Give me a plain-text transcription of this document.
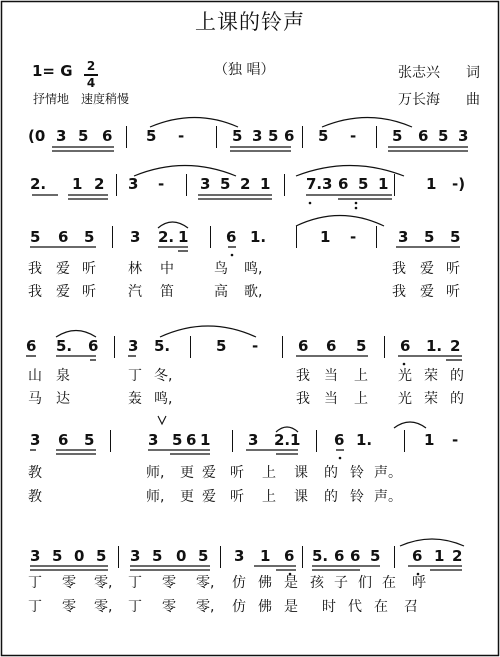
上课的铃声
1= G 2
4
（独 唱）	张志兴 词
万长海 曲
抒情地　速度稍慢
(0 3 5 6 5 -	5 3 5 6 5 - 5 6 5 3
2. 1 2 3 - 3 5 2 1 7. 3 6 5 1	1 -)
5 6 5 3 2. 1	6 1.	1 -	3 5 5
我 爱 听 林 中	鸟 鸣,	我 爱 听
我 爱 听 汽 笛	高 歌,	我 爱 听
6 5. 6 3 5.	5 -	6 6 5 6 1. 2
山 泉	丁 冬,	我 当 上 光 荣 的
马 达	轰 鸣,	我 当 上 光 荣 的
3 6 5	3 5 6 1	3 2. 1 6 1.	1 -
教	师, 更 爱 听 上 课 的 铃 声。
教	师, 更 爱 听 上 课 的 铃 声。
3 5 0 5 3 5 0 5 3 1 6 5. 6 6 5 6 1 2
丁 零 零, 丁 零 零, 仿 佛 是 孩 子 们 在 呼
丁 零 零, 丁 零 零, 仿 佛 是 时 代 在 召
